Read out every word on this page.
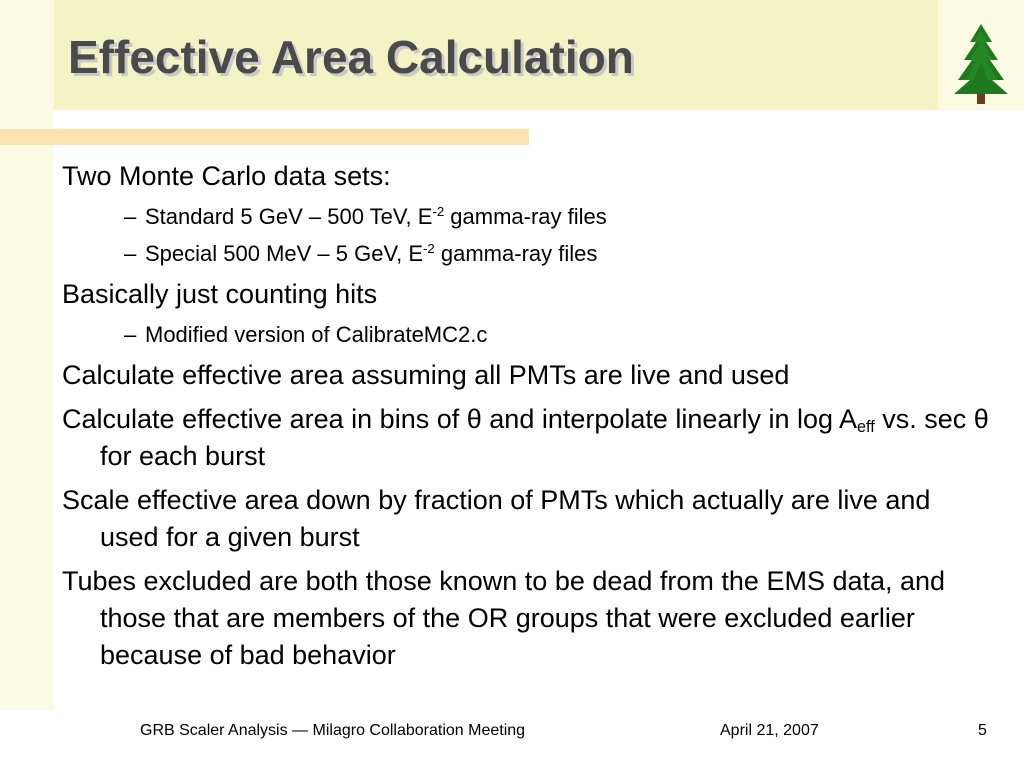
Effective Area Calculation

Two Monte Carlo data sets:

– Standard 5 GeV – 500 TeV, $E^{-2}$ gamma-ray files

– Special 500 MeV – 5 GeV, $E^{-2}$ gamma-ray files

Basically just counting hits

– Modified version of CalibrateMC2.c

Calculate effective area assuming all PMTs are live and used

Calculate effective area in bins of θ and interpolate linearly in $\log A_{eff}$ vs. sec θ for each burst

Scale effective area down by fraction of PMTs which actually are live and used for a given burst

Tubes excluded are both those known to be dead from the EMS data, and those that are members of the OR groups that were excluded earlier because of bad behavior

GRB Scaler Analysis — Milagro Collaboration Meeting	April 21, 2007	5
